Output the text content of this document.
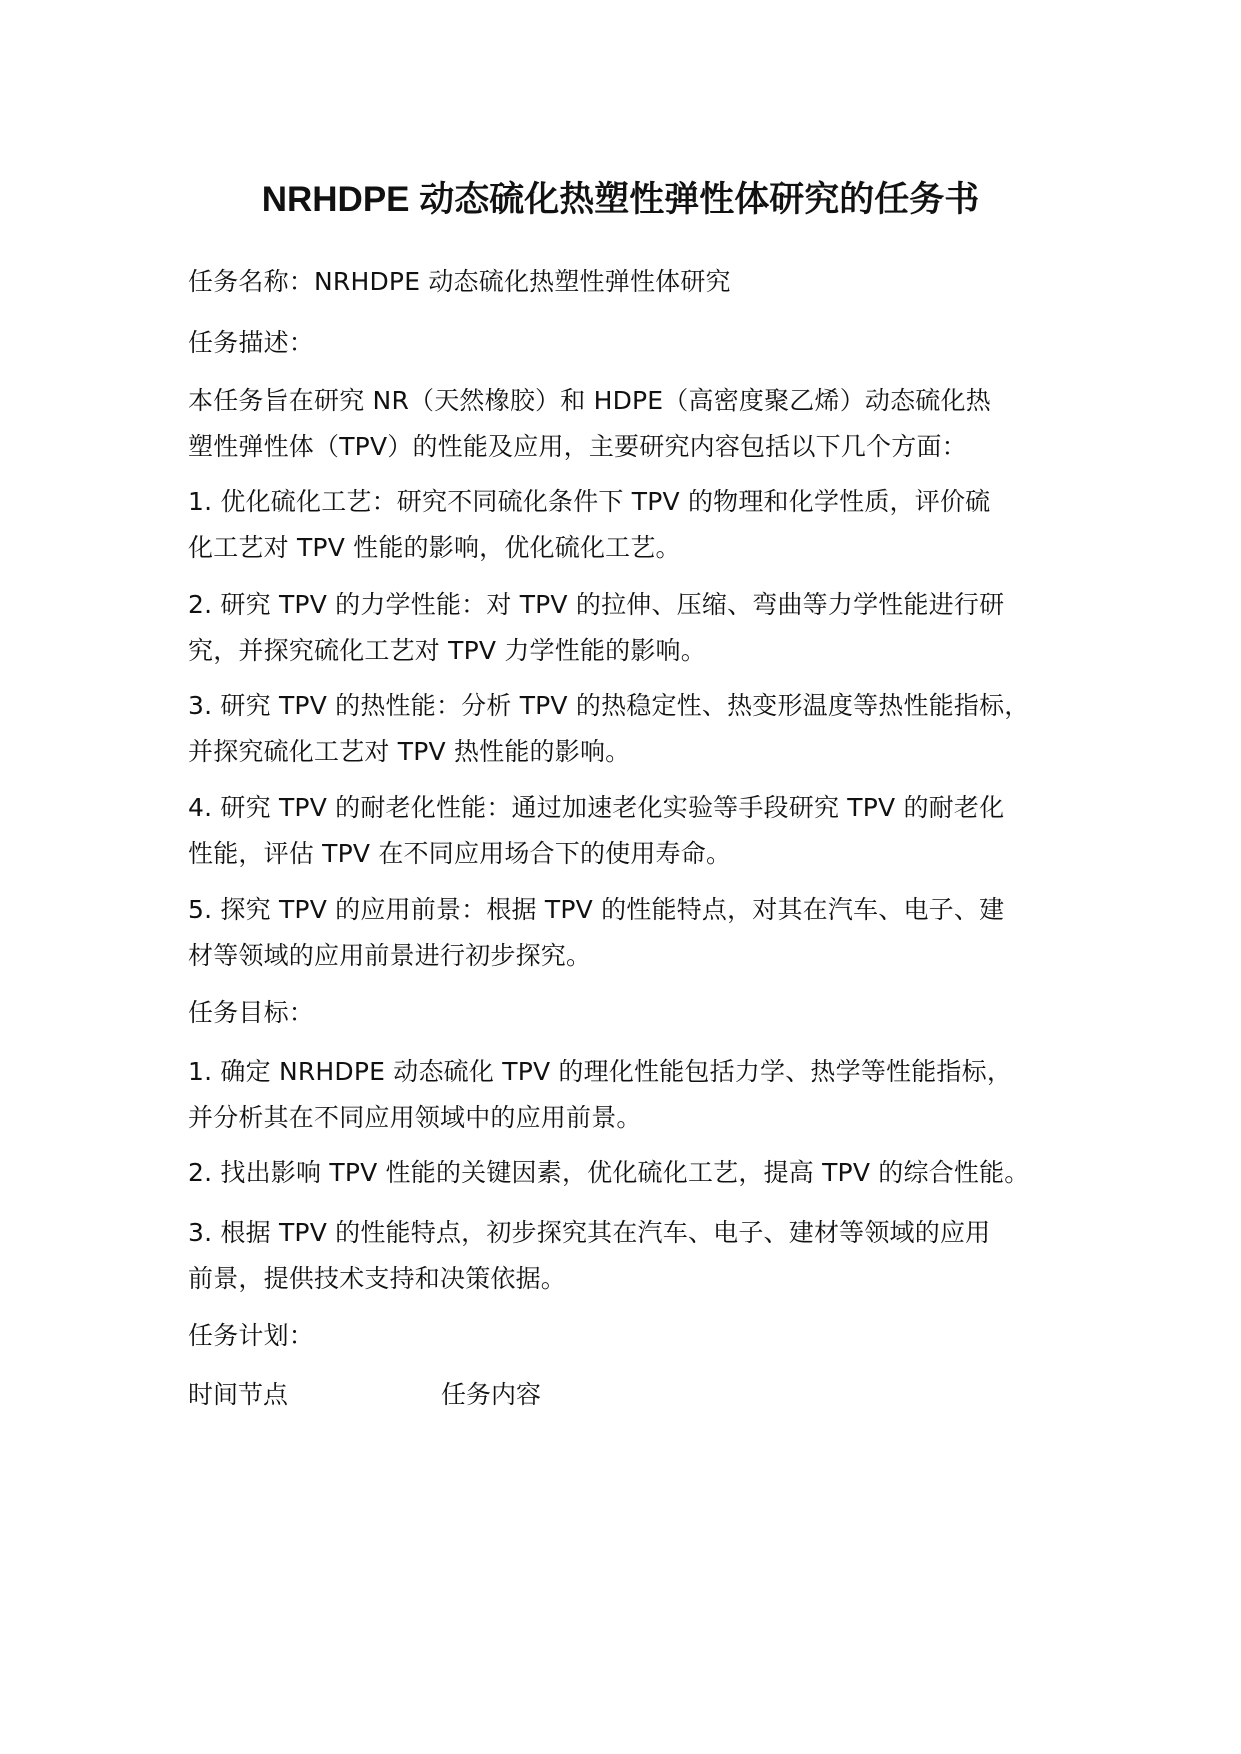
NRHDPE 动态硫化热塑性弹性体研究的任务书

任务名称：NRHDPE 动态硫化热塑性弹性体研究

任务描述：

本任务旨在研究 NR（天然橡胶）和 HDPE（高密度聚乙烯）动态硫化热
塑性弹性体（TPV）的性能及应用，主要研究内容包括以下几个方面：

1. 优化硫化工艺：研究不同硫化条件下 TPV 的物理和化学性质，评价硫
化工艺对 TPV 性能的影响，优化硫化工艺。

2. 研究 TPV 的力学性能：对 TPV 的拉伸、压缩、弯曲等力学性能进行研
究，并探究硫化工艺对 TPV 力学性能的影响。

3. 研究 TPV 的热性能：分析 TPV 的热稳定性、热变形温度等热性能指标，
并探究硫化工艺对 TPV 热性能的影响。

4. 研究 TPV 的耐老化性能：通过加速老化实验等手段研究 TPV 的耐老化
性能，评估 TPV 在不同应用场合下的使用寿命。

5. 探究 TPV 的应用前景：根据 TPV 的性能特点，对其在汽车、电子、建
材等领域的应用前景进行初步探究。

任务目标：

1. 确定 NRHDPE 动态硫化 TPV 的理化性能包括力学、热学等性能指标，
并分析其在不同应用领域中的应用前景。

2. 找出影响 TPV 性能的关键因素，优化硫化工艺，提高 TPV 的综合性能。

3. 根据 TPV 的性能特点，初步探究其在汽车、电子、建材等领域的应用
前景，提供技术支持和决策依据。

任务计划：

时间节点	任务内容
